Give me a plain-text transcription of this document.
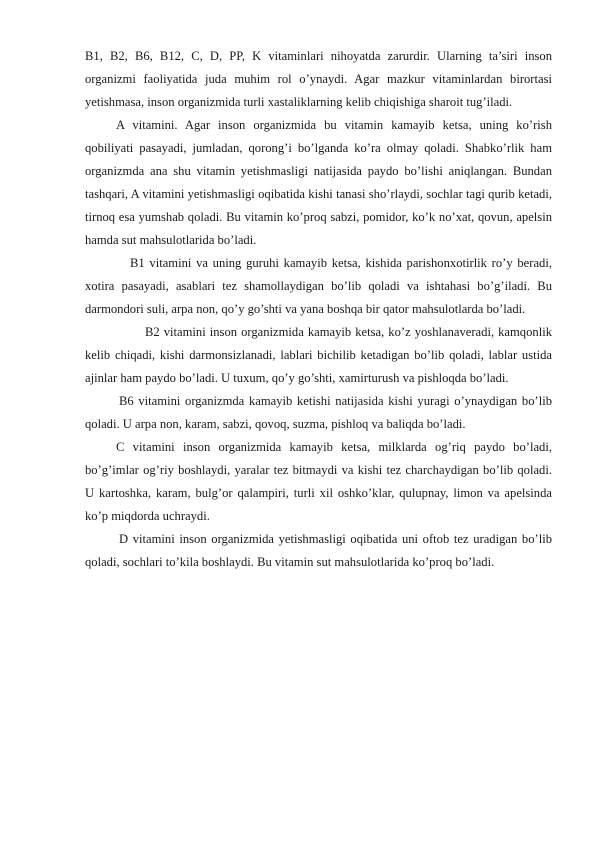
B1, B2, B6, B12, C, D, PP, K vitaminlari nihoyatda zarurdir. Ularning ta’siri inson organizmi faoliyatida juda muhim rol o’ynaydi. Agar mazkur vitaminlardan birortasi yetishmasa, inson organizmida turli xastaliklarning kelib chiqishiga sharoit tug’iladi.

A vitamini. Agar inson organizmida bu vitamin kamayib ketsa, uning ko’rish qobiliyati pasayadi, jumladan, qorong’i bo’lganda ko’ra olmay qoladi. Shabko’rlik ham organizmda ana shu vitamin yetishmasligi natijasida paydo bo’lishi aniqlangan. Bundan tashqari, A vitamini yetishmasligi oqibatida kishi tanasi sho’rlaydi, sochlar tagi qurib ketadi, tirnoq esa yumshab qoladi. Bu vitamin ko’proq sabzi, pomidor, ko’k no’xat, qovun, apelsin hamda sut mahsulotlarida bo’ladi.

B1 vitamini va uning guruhi kamayib ketsa, kishida parishonxotirlik ro’y beradi, xotira pasayadi, asablari tez shamollaydigan bo’lib qoladi va ishtahasi bo’g’iladi. Bu darmondori suli, arpa non, qo’y go’shti va yana boshqa bir qator mahsulotlarda bo’ladi.

B2 vitamini inson organizmida kamayib ketsa, ko’z yoshlanaveradi, kamqonlik kelib chiqadi, kishi darmonsizlanadi, lablari bichilib ketadigan bo’lib qoladi, lablar ustida ajinlar ham paydo bo’ladi. U tuxum, qo’y go’shti, xamirturush va pishloqda bo’ladi.

B6 vitamini organizmda kamayib ketishi natijasida kishi yuragi o’ynaydigan bo’lib qoladi. U arpa non, karam, sabzi, qovoq, suzma, pishloq va baliqda bo’ladi.

C vitamini inson organizmida kamayib ketsa, milklarda og’riq paydo bo’ladi, bo’g’imlar og’riy boshlaydi, yaralar tez bitmaydi va kishi tez charchaydigan bo’lib qoladi. U kartoshka, karam, bulg’or qalampiri, turli xil oshko’klar, qulupnay, limon va apelsinda ko’p miqdorda uchraydi.

D vitamini inson organizmida yetishmasligi oqibatida uni oftob tez uradigan bo’lib qoladi, sochlari to’kila boshlaydi. Bu vitamin sut mahsulotlarida ko’proq bo’ladi.
